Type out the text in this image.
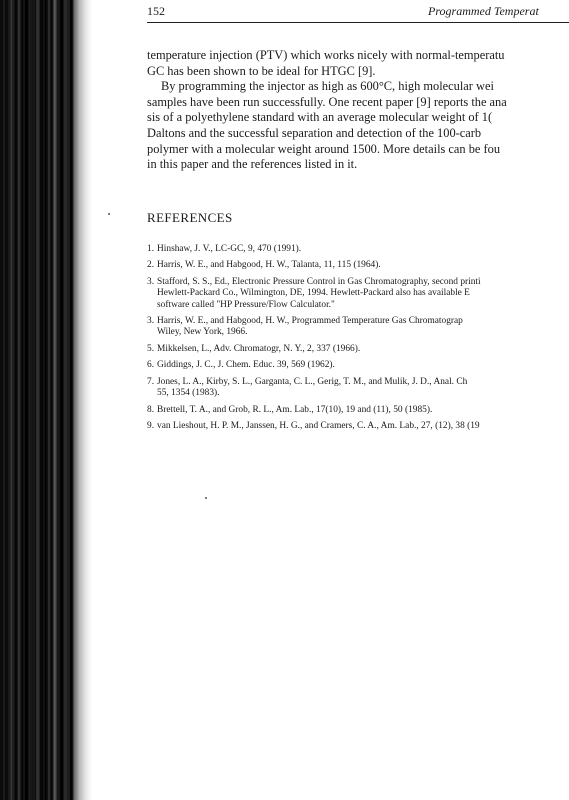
152	Programmed Temperat

temperature injection (PTV) which works nicely with normal-temperatu

GC has been shown to be ideal for HTGC [9].

By programming the injector as high as 600°C, high molecular wei

samples have been run successfully. One recent paper [9] reports the ana

sis of a polyethylene standard with an average molecular weight of 1(

Daltons and the successful separation and detection of the 100-carb

polymer with a molecular weight around 1500. More details can be fou

in this paper and the references listed in it.

REFERENCES
1. Hinshaw, J. V., LC-GC, 9, 470 (1991).
2. Harris, W. E., and Habgood, H. W., Talanta, 11, 115 (1964).
3. Stafford, S. S., Ed., Electronic Pressure Control in Gas Chromatography, second printi
Hewlett-Packard Co., Wilmington, DE, 1994. Hewlett-Packard also has available E
software called "HP Pressure/Flow Calculator."
3. Harris, W. E., and Habgood, H. W., Programmed Temperature Gas Chromatograp
Wiley, New York, 1966.
5. Mikkelsen, L., Adv. Chromatogr, N. Y., 2, 337 (1966).
6. Giddings, J. C., J. Chem. Educ. 39, 569 (1962).
7. Jones, L. A., Kirby, S. L., Garganta, C. L., Gerig, T. M., and Mulik, J. D., Anal. Ch
55, 1354 (1983).
8. Brettell, T. A., and Grob, R. L., Am. Lab., 17(10), 19 and (11), 50 (1985).
9. van Lieshout, H. P. M., Janssen, H. G., and Cramers, C. A., Am. Lab., 27, (12), 38 (19
